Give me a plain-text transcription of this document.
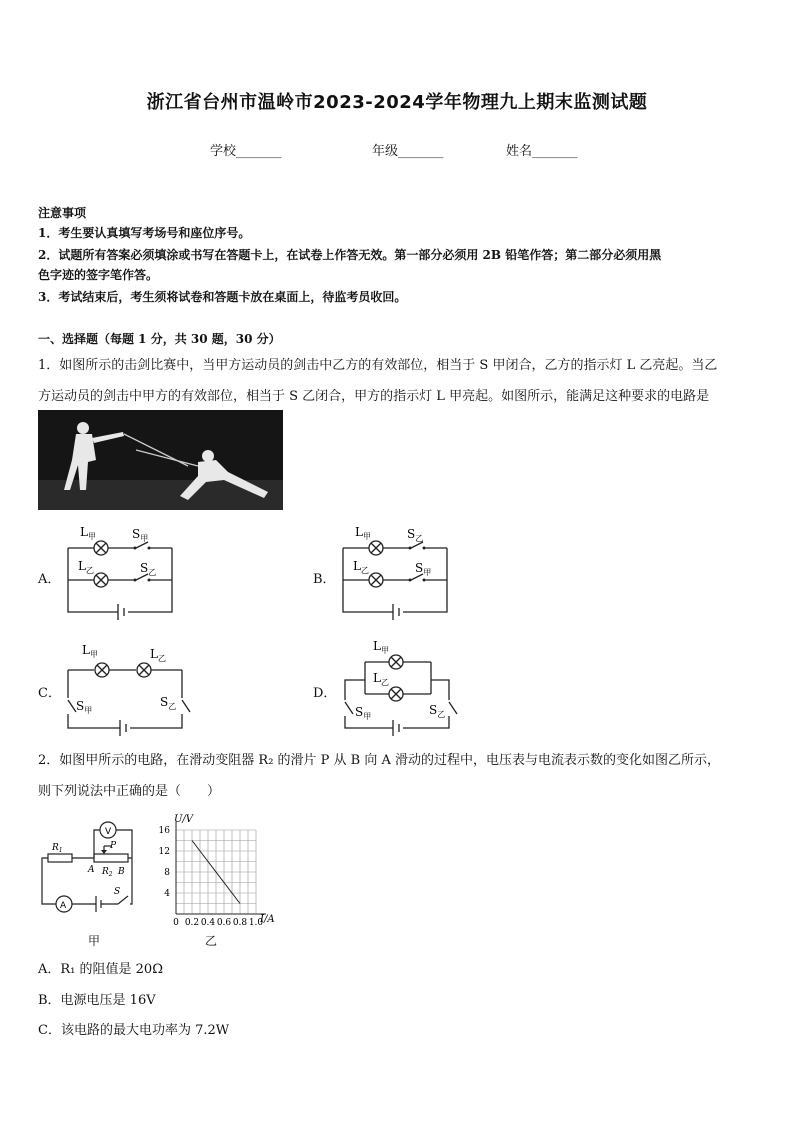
浙江省台州市温岭市2023-2024学年物理九上期末监测试题
学校_______	年级_______	姓名_______
注意事项
1．考生要认真填写考场号和座位序号。
2．试题所有答案必须填涂或书写在答题卡上，在试卷上作答无效。第一部分必须用 2B 铅笔作答；第二部分必须用黑
色字迹的签字笔作答。
3．考试结束后，考生须将试卷和答题卡放在桌面上，待监考员收回。
一、选择题（每题 1 分，共 30 题，30 分）
1．如图所示的击剑比赛中，当甲方运动员的剑击中乙方的有效部位，相当于 S 甲闭合，乙方的指示灯 L 乙亮起。当乙
方运动员的剑击中甲方的有效部位，相当于 S 乙闭合，甲方的指示灯 L 甲亮起。如图所示，能满足这种要求的电路是
A．
$L_甲$	$S_甲$
$L_乙$	$S_乙$	B．
$L_甲$	$S_乙$
$L_乙$	$S_甲$
C．
$L_甲$	$L_乙$
$S_甲$
$S_乙$
D．
$L_甲$
$L_乙$
$S_甲$	$S_乙$
2．如图甲所示的电路，在滑动变阻器 R₂ 的滑片 P 从 B 向 A 滑动的过程中，电压表与电流表示数的变化如图乙所示，
则下列说法中正确的是（　　）
V
A
$R_1$	P
A $R_2$ B
S
甲
U/V
I/A
0 0.2 0.4 0.6 0.8 1.0
4
8
12
16
乙
A．R₁ 的阻值是 20Ω
B．电源电压是 16V
C．该电路的最大电功率为 7.2W
